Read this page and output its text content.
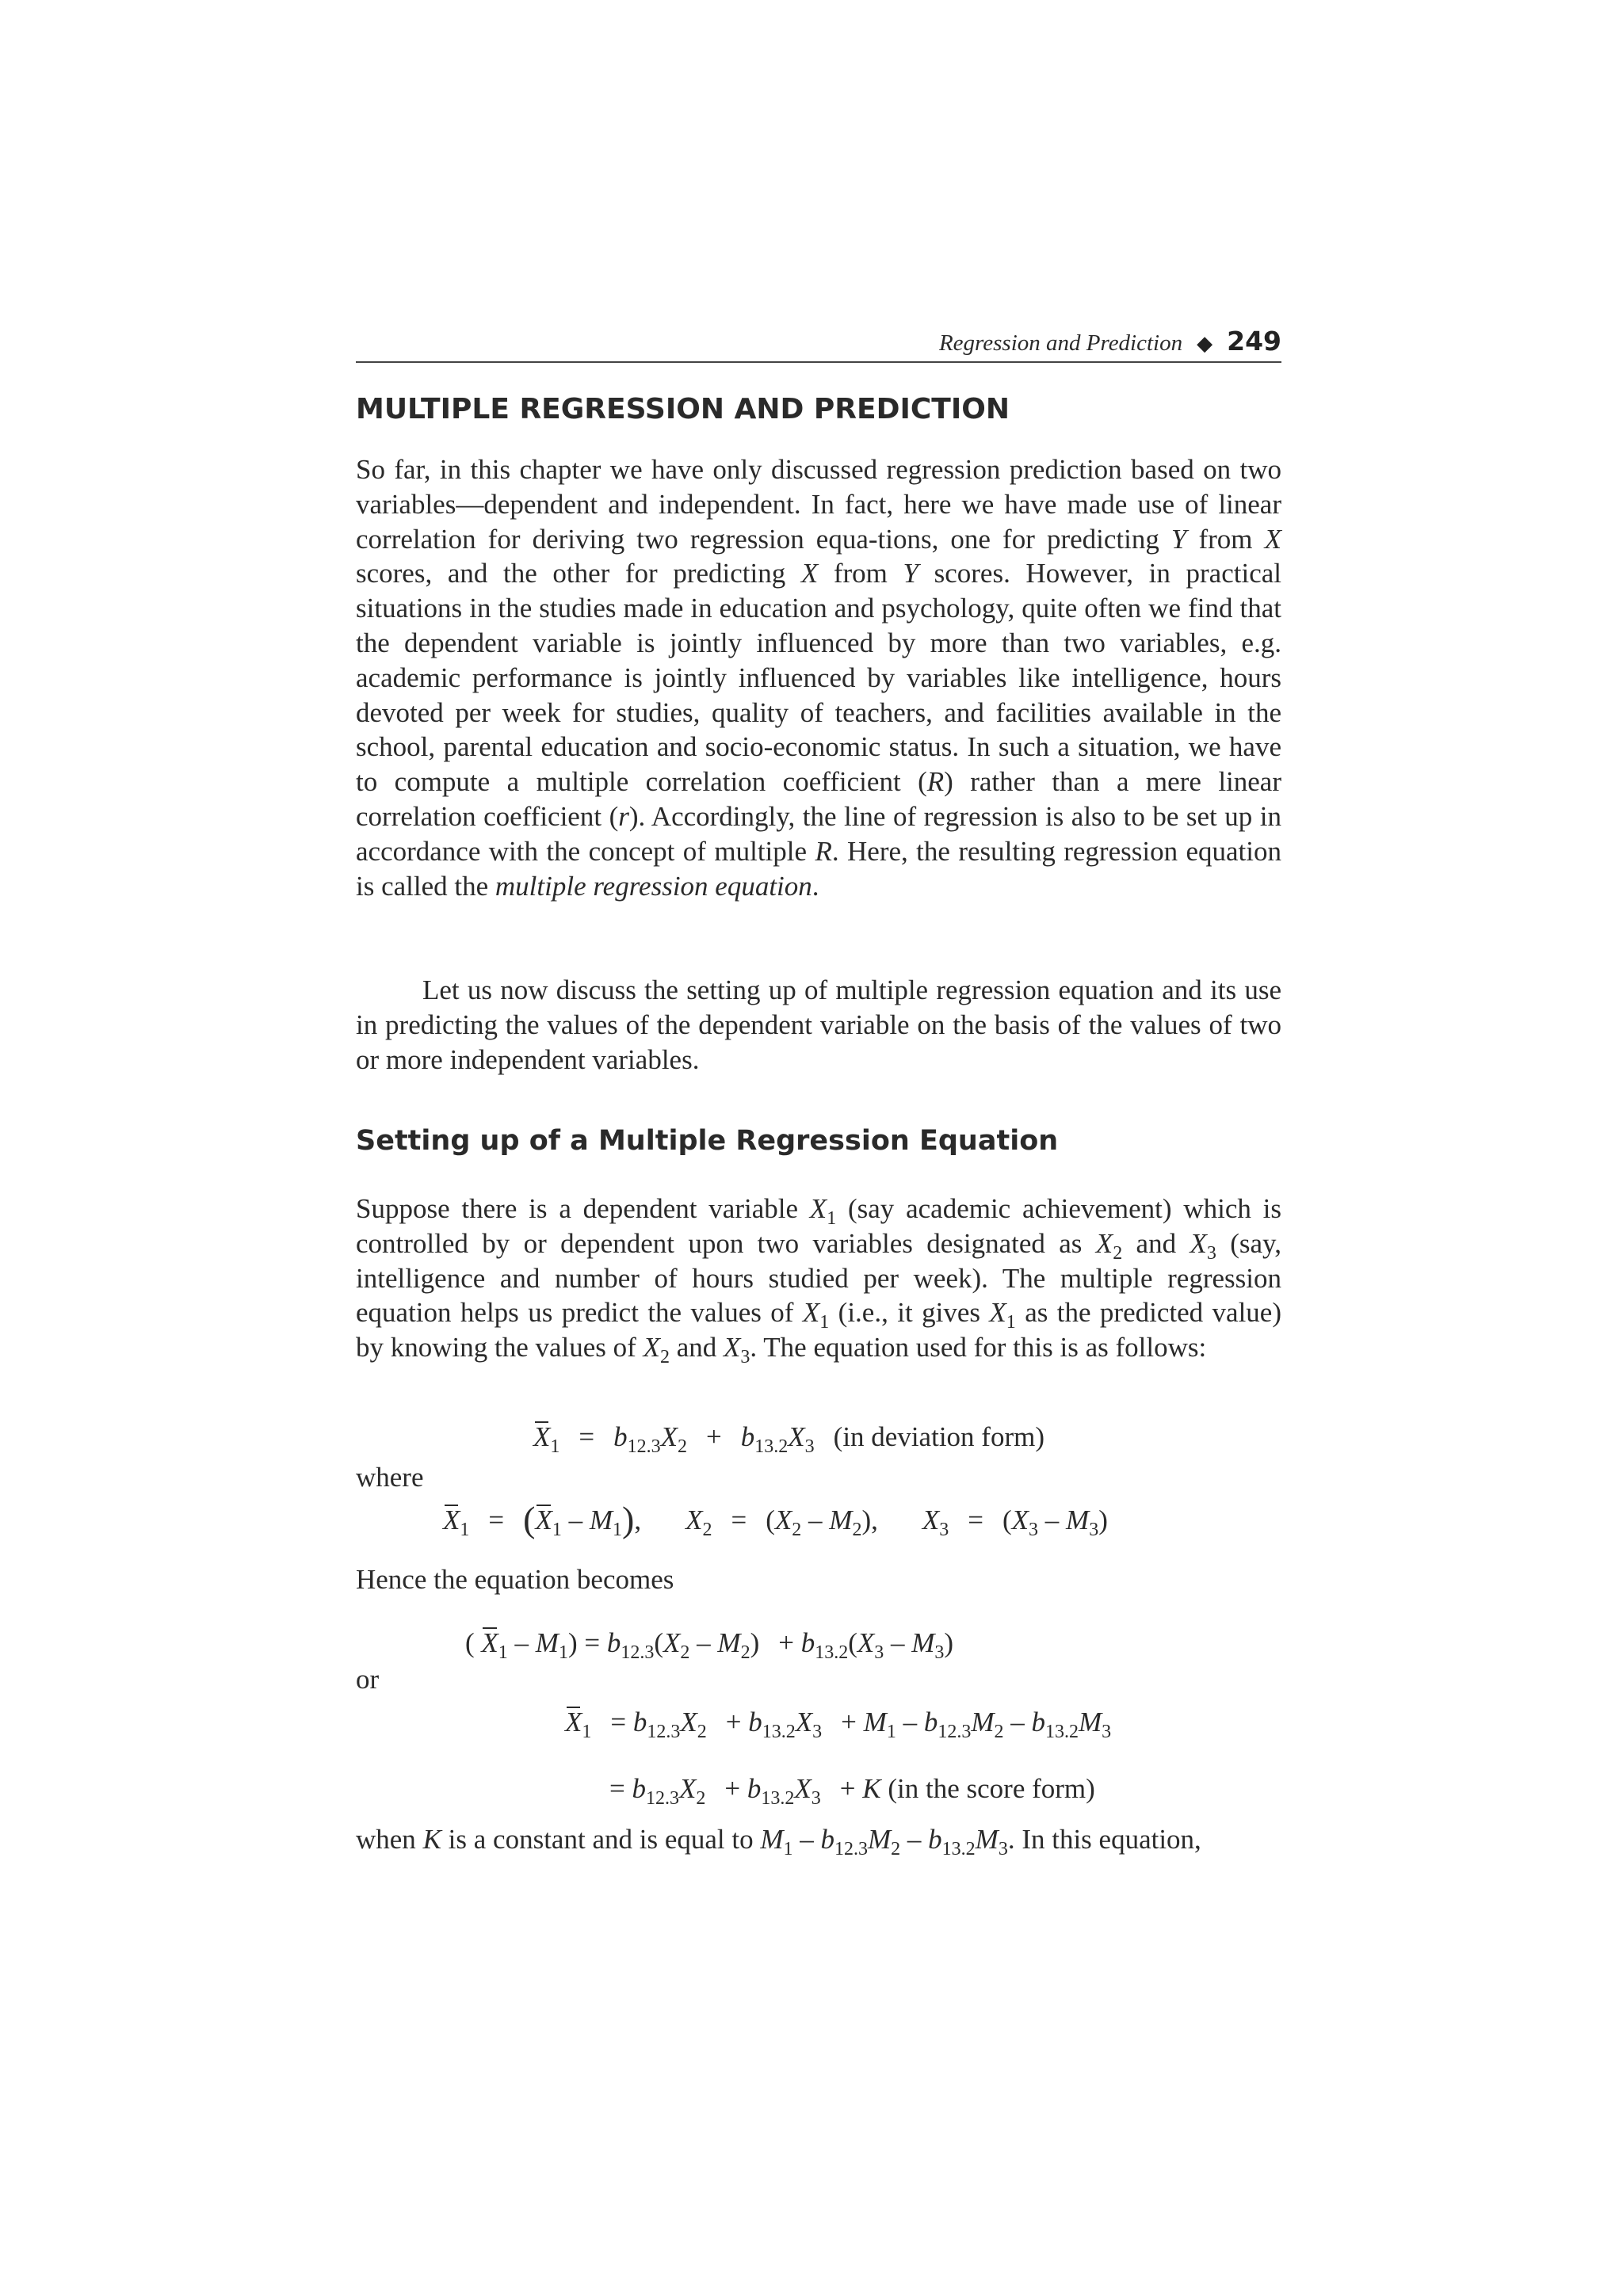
Regression and Prediction ◆ 249
MULTIPLE REGRESSION AND PREDICTION

So far, in this chapter we have only discussed regression prediction based on two variables—dependent and independent. In fact, here we have made use of linear correlation for deriving two regression equa-tions, one for predicting Y from X scores, and the other for predicting X from Y scores. However, in practical situations in the studies made in education and psychology, quite often we find that the dependent variable is jointly influenced by more than two variables, e.g. academic performance is jointly influenced by variables like intelligence, hours devoted per week for studies, quality of teachers, and facilities available in the school, parental education and socio-economic status. In such a situation, we have to compute a multiple correlation coefficient (R) rather than a mere linear correlation coefficient (r). Accordingly, the line of regression is also to be set up in accordance with the concept of multiple R. Here, the resulting regression equation is called the multiple regression equation.

Let us now discuss the setting up of multiple regression equation and its use in predicting the values of the dependent variable on the basis of the values of two or more independent variables.

Setting up of a Multiple Regression Equation

Suppose there is a dependent variable $X_1$ (say academic achievement) which is controlled by or dependent upon two variables designated as $X_2$ and $X_3$ (say, intelligence and number of hours studied per week). The multiple regression equation helps us predict the values of $X_1$ (i.e., it gives $X_1$ as the predicted value) by knowing the values of $X_2$ and $X_3$. The equation used for this is as follows:

$X_1 = b_{12.3}X_2 + b_{13.2}X_3$ (in deviation form)
where
$X_1 = (X_1 - M_1)$, $X_2 = (X_2 - M_2)$, $X_3 = (X_3 - M_3)$
Hence the equation becomes
( $X_1 - M_1) = b_{12.3}(X_2 - M_2) + b_{13.2}(X_3 - M_3)$
or
$X_1 = b_{12.3}X_2 + b_{13.2}X_3 + M_1 - b_{12.3}M_2 - b_{13.2}M_3$
= $b_{12.3}X_2 + b_{13.2}X_3 + K$ (in the score form)

when K is a constant and is equal to $M_1 - b_{12.3}M_2 - b_{13.2}M_3$. In this equation,
